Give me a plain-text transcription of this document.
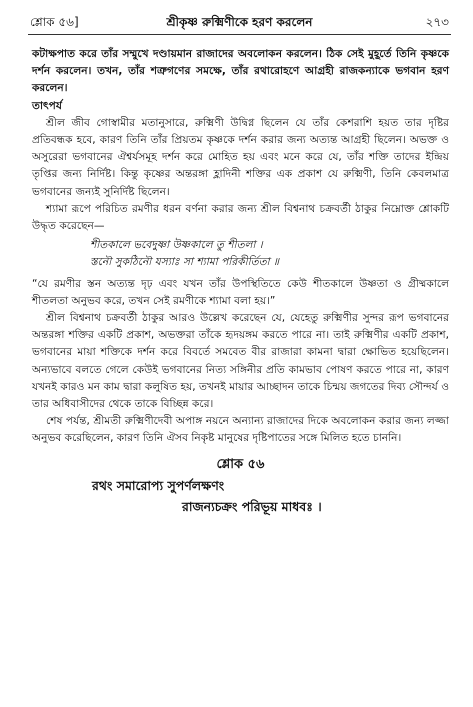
শ্লোক ৫৬]	শ্রীকৃষ্ণ রুক্মিণীকে হরণ করলেন	২৭৩

কটাক্ষপাত করে তাঁর সম্মুখে দণ্ডায়মান রাজাদের অবলোকন করলেন। ঠিক সেই মুহূর্তে তিনি কৃষ্ণকে দর্শন করলেন। তখন, তাঁর শত্রুগণের সমক্ষে, তাঁর রথারোহণে আগ্রহী রাজকন্যাকে ভগবান হরণ করলেন।

তাৎপর্য

শ্রীল জীব গোস্বামীর মতানুসারে, রুক্মিণী উদ্বিগ্ন ছিলেন যে তাঁর কেশরাশি হয়ত তার দৃষ্টির প্রতিবন্ধক হবে, কারণ তিনি তাঁর প্রিয়তম কৃষ্ণকে দর্শন করার জন্য অত্যন্ত আগ্রহী ছিলেন। অভক্ত ও অসুরেরা ভগবানের ঐশ্বর্যসমূহ দর্শন করে মোহিত হয় এবং মনে করে যে, তাঁর শক্তি তাদের ইন্দ্রিয় তৃপ্তির জন্য নির্দিষ্ট। কিন্তু কৃষ্ণের অন্তরঙ্গা হ্লাদিনী শক্তির এক প্রকাশ যে রুক্মিণী, তিনি কেবলমাত্র ভগবানের জন্যই সুনির্দিষ্ট ছিলেন।

শ্যামা রূপে পরিচিত রমণীর ধরন বর্ণনা করার জন্য শ্রীল বিশ্বনাথ চক্রবর্তী ঠাকুর নিম্নোক্ত শ্লোকটি উদ্ধৃত করেছেন—

শীতকালে ভবেদুষ্ণা উষ্ণকালে তু শীতলা ।
স্তনৌ সুকঠিনৌ যস্যাঃ সা শ্যামা পরিকীর্তিতা ॥

“যে রমণীর স্তন অত্যন্ত দৃঢ় এবং যখন তাঁর উপস্থিতিতে কেউ শীতকালে উষ্ণতা ও গ্রীষ্মকালে শীতলতা অনুভব করে, তখন সেই রমণীকে শ্যামা বলা হয়।”

শ্রীল বিশ্বনাথ চক্রবর্তী ঠাকুর আরও উল্লেখ করেছেন যে, যেহেতু রুক্মিণীর সুন্দর রূপ ভগবানের অন্তরঙ্গা শক্তির একটি প্রকাশ, অভক্তরা তাঁকে হৃদয়ঙ্গম করতে পারে না। তাই রুক্মিণীর একটি প্রকাশ, ভগবানের মায়া শক্তিকে দর্শন করে বিবর্তে সমবেত বীর রাজারা কামনা দ্বারা ক্ষোভিত হয়েছিলেন। অন্যভাবে বলতে গেলে কেউই ভগবানের নিত্য সঙ্গিনীর প্রতি কামভাব পোষণ করতে পারে না, কারণ যখনই কারও মন কাম দ্বারা কলুষিত হয়, তখনই মায়ার আচ্ছাদন তাকে চিন্ময় জগতের দিব্য সৌন্দর্য ও তার অধিবাসীদের থেকে তাকে বিচ্ছিন্ন করে।

শেষ পর্যন্ত, শ্রীমতী রুক্মিণীদেবী অপাঙ্গ নয়নে অন্যান্য রাজাদের দিকে অবলোকন করার জন্য লজ্জা অনুভব করেছিলেন, কারণ তিনি ঐসব নিকৃষ্ট মানুষের দৃষ্টিপাতের সঙ্গে মিলিত হতে চাননি।

শ্লোক ৫৬
রথং সমারোপ্য সুপর্ণলক্ষণং
রাজন্যচক্রং পরিভূয় মাধবঃ ।
